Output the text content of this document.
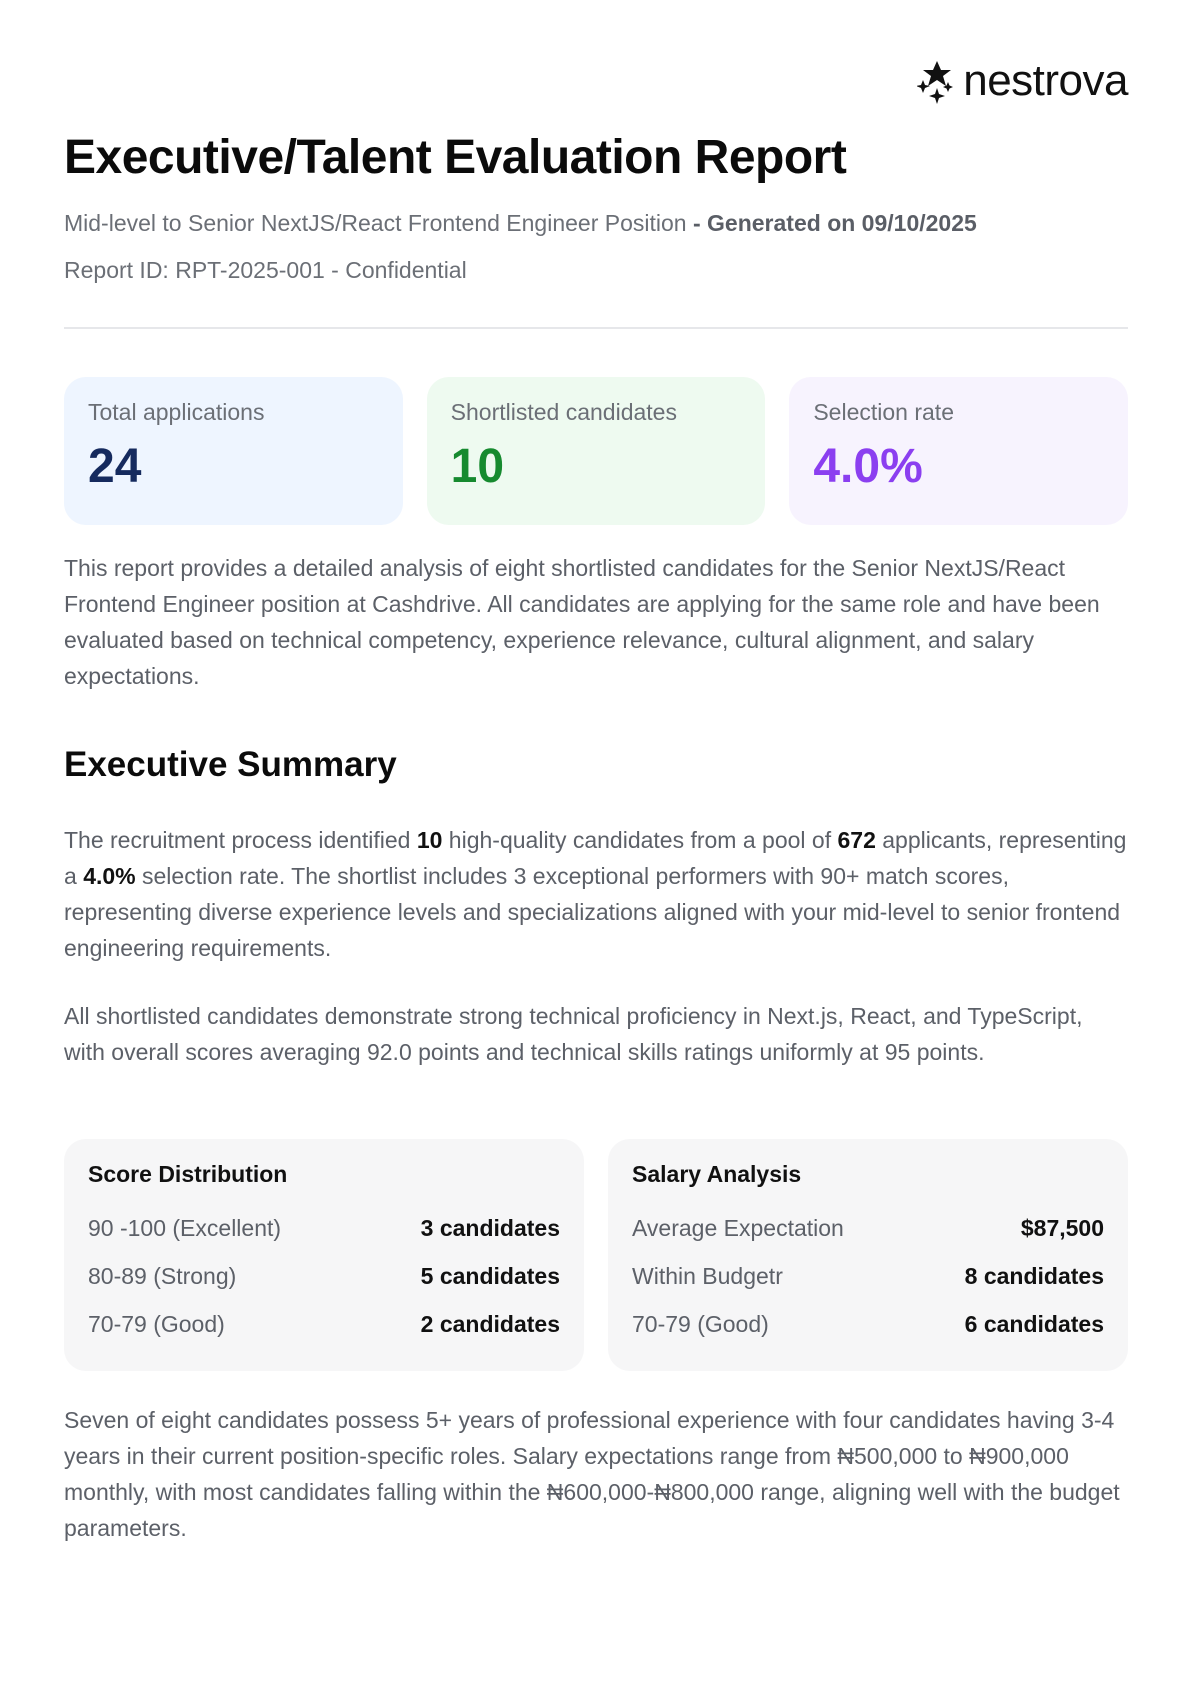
nestrova
Executive/Talent Evaluation Report
Mid-level to Senior NextJS/React Frontend Engineer Position - Generated on 09/10/2025
Report ID: RPT-2025-001 - Confidential
Total applications
24
Shortlisted candidates
10
Selection rate
4.0%

This report provides a detailed analysis of eight shortlisted candidates for the Senior NextJS/React Frontend Engineer position at Cashdrive. All candidates are applying for the same role and have been evaluated based on technical competency, experience relevance, cultural alignment, and salary expectations.

Executive Summary

The recruitment process identified 10 high-quality candidates from a pool of 672 applicants, representing a 4.0% selection rate. The shortlist includes 3 exceptional performers with 90+ match scores, representing diverse experience levels and specializations aligned with your mid-level to senior frontend engineering requirements.

All shortlisted candidates demonstrate strong technical proficiency in Next.js, React, and TypeScript, with overall scores averaging 92.0 points and technical skills ratings uniformly at 95 points.

Score Distribution
90 -100 (Excellent)	3 candidates
80-89 (Strong)	5 candidates
70-79 (Good)	2 candidates
Salary Analysis
Average Expectation	$87,500
Within Budgetr	8 candidates
70-79 (Good)	6 candidates

Seven of eight candidates possess 5+ years of professional experience with four candidates having 3-4 years in their current position-specific roles. Salary expectations range from ₦500,000 to ₦900,000 monthly, with most candidates falling within the ₦600,000-₦800,000 range, aligning well with the budget parameters.
